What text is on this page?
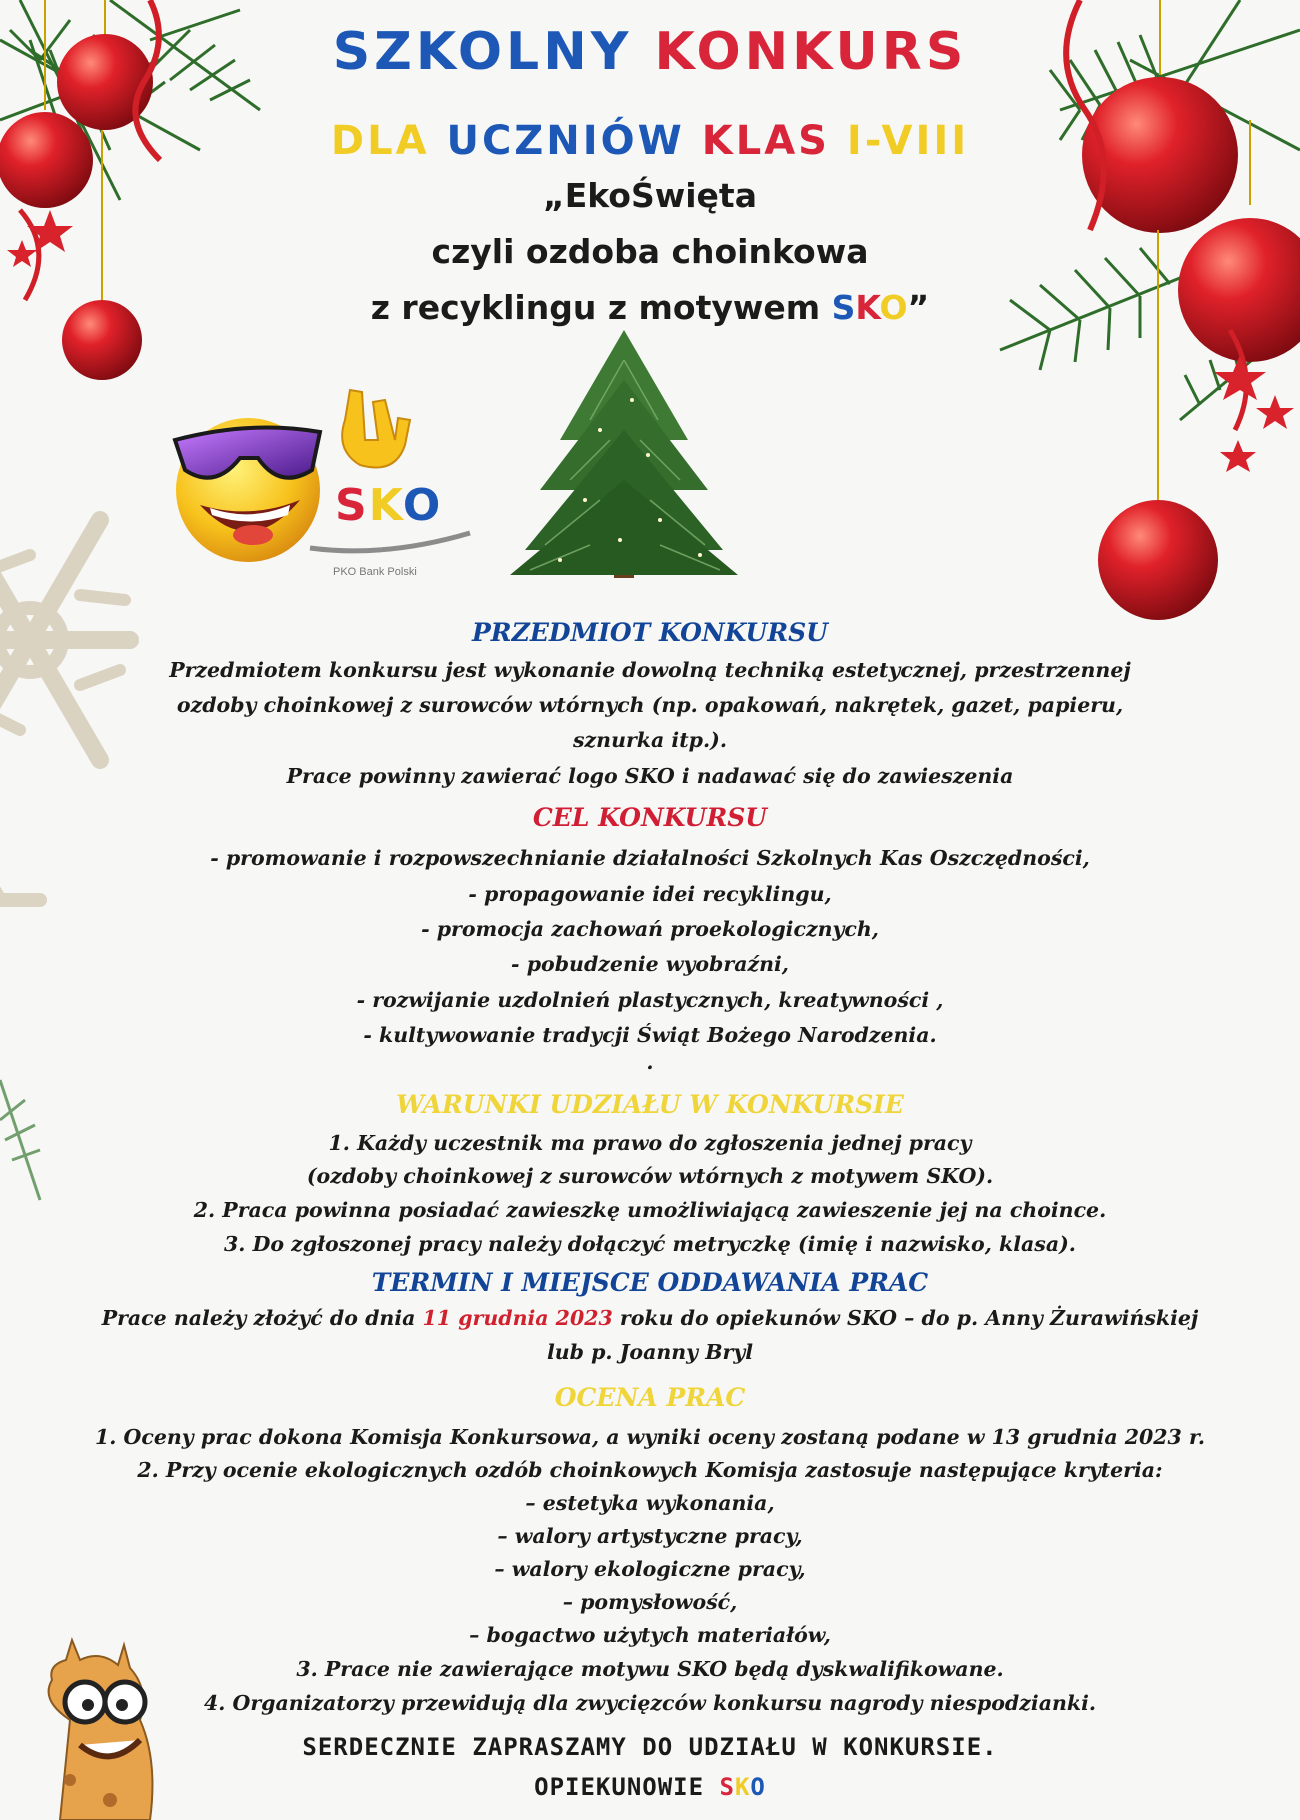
SKO
PKO Bank Polski
SZKOLNY KONKURS
DLA UCZNIÓW KLAS I-VIII
„EkoŚwięta
czyli ozdoba choinkowa
z recyklingu z motywem SKO”
PRZEDMIOT KONKURSU
Przedmiotem konkursu jest wykonanie dowolną techniką estetycznej, przestrzennej
ozdoby choinkowej z surowców wtórnych (np. opakowań, nakrętek, gazet, papieru,
sznurka itp.).
Prace powinny zawierać logo SKO i nadawać się do zawieszenia
CEL KONKURSU
- promowanie i rozpowszechnianie działalności Szkolnych Kas Oszczędności,
- propagowanie idei recyklingu,
- promocja zachowań proekologicznych,
- pobudzenie wyobraźni,
- rozwijanie uzdolnień plastycznych, kreatywności ,
- kultywowanie tradycji Świąt Bożego Narodzenia.
.
WARUNKI UDZIAŁU W KONKURSIE
1. Każdy uczestnik ma prawo do zgłoszenia jednej pracy
(ozdoby choinkowej z surowców wtórnych z motywem SKO).
2. Praca powinna posiadać zawieszkę umożliwiającą zawieszenie jej na choince.
3. Do zgłoszonej pracy należy dołączyć metryczkę (imię i nazwisko, klasa).
TERMIN I MIEJSCE ODDAWANIA PRAC
Prace należy złożyć do dnia 11 grudnia 2023 roku do opiekunów SKO – do p. Anny Żurawińskiej
lub p. Joanny Bryl
OCENA PRAC
1. Oceny prac dokona Komisja Konkursowa, a wyniki oceny zostaną podane w 13 grudnia 2023 r.
2. Przy ocenie ekologicznych ozdób choinkowych Komisja zastosuje następujące kryteria:
– estetyka wykonania,
– walory artystyczne pracy,
– walory ekologiczne pracy,
– pomysłowość,
– bogactwo użytych materiałów,
3. Prace nie zawierające motywu SKO będą dyskwalifikowane.
4. Organizatorzy przewidują dla zwycięzców konkursu nagrody niespodzianki.
SERDECZNIE ZAPRASZAMY DO UDZIAŁU W KONKURSIE.
OPIEKUNOWIE SKO
